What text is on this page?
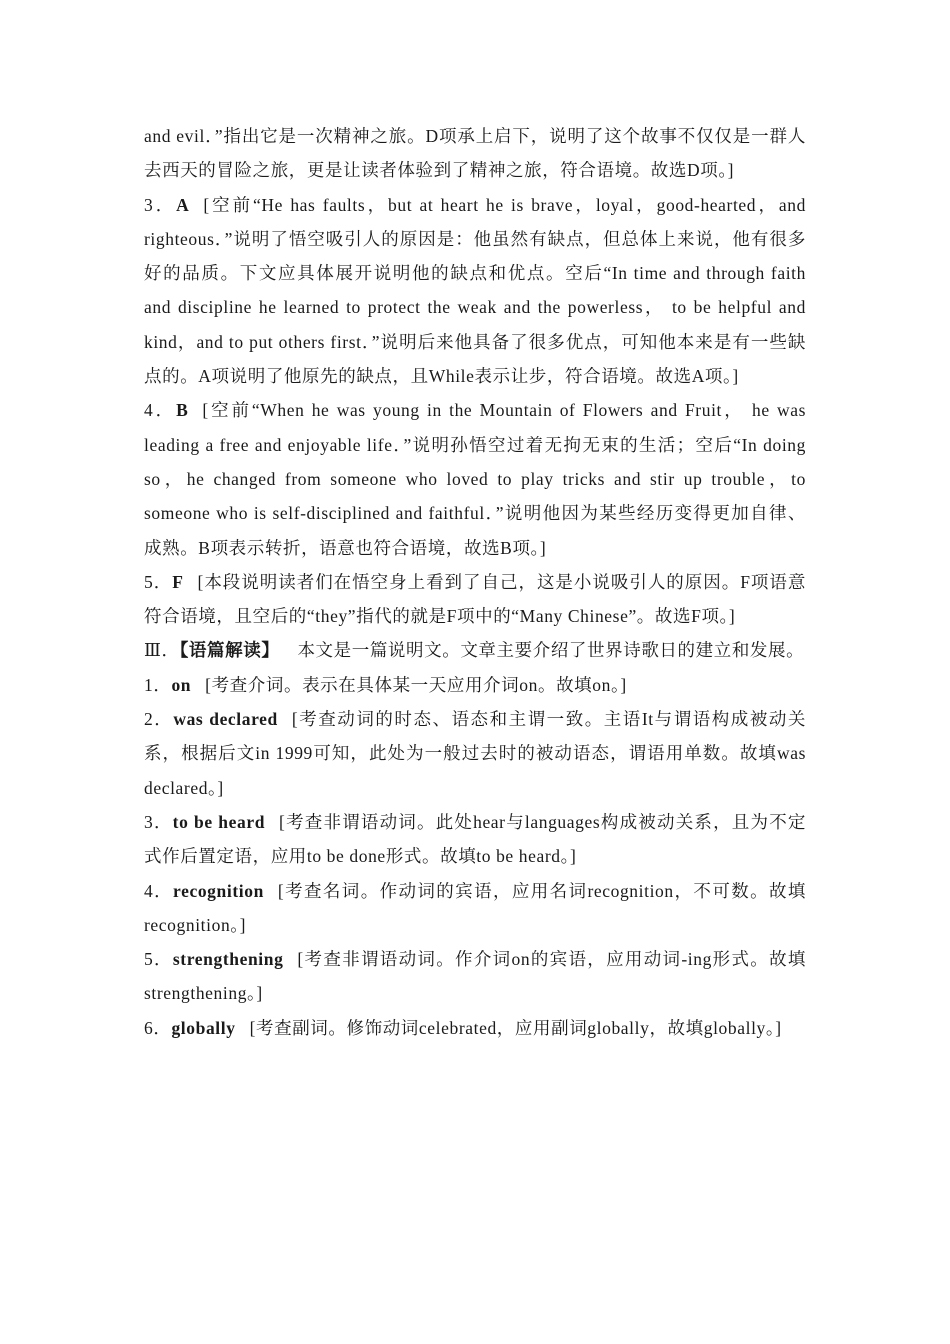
and evil．”指出它是一次精神之旅。D项承上启下，说明了这个故事不仅仅是一群人去西天的冒险之旅，更是让读者体验到了精神之旅，符合语境。故选D项。]

3．A [空前“He has faults，but at heart he is brave，loyal，good-hearted，and righteous．”说明了悟空吸引人的原因是：他虽然有缺点，但总体上来说，他有很多好的品质。下文应具体展开说明他的缺点和优点。空后“In time and through faith and discipline he learned to protect the weak and the powerless， to be helpful and kind，and to put others first．”说明后来他具备了很多优点，可知他本来是有一些缺点的。A项说明了他原先的缺点，且While表示让步，符合语境。故选A项。]

4．B [空前“When he was young in the Mountain of Flowers and Fruit， he was leading a free and enjoyable life．”说明孙悟空过着无拘无束的生活；空后“In doing so，he changed from someone who loved to play tricks and stir up trouble，to someone who is self-disciplined and faithful．”说明他因为某些经历变得更加自律、成熟。B项表示转折，语意也符合语境，故选B项。]

5．F [本段说明读者们在悟空身上看到了自己，这是小说吸引人的原因。F项语意符合语境，且空后的“they”指代的就是F项中的“Many Chinese”。故选F项。]

Ⅲ．【语篇解读】 本文是一篇说明文。文章主要介绍了世界诗歌日的建立和发展。

1．on [考查介词。表示在具体某一天应用介词on。故填on。]

2．was declared [考查动词的时态、语态和主谓一致。主语It与谓语构成被动关系，根据后文in 1999可知，此处为一般过去时的被动语态，谓语用单数。故填was declared。]

3．to be heard [考查非谓语动词。此处hear与languages构成被动关系，且为不定式作后置定语，应用to be done形式。故填to be heard。]

4．recognition [考查名词。作动词的宾语，应用名词recognition，不可数。故填recognition。]

5．strengthening [考查非谓语动词。作介词on的宾语，应用动词-ing形式。故填strengthening。]

6．globally [考查副词。修饰动词celebrated，应用副词globally，故填globally。]
